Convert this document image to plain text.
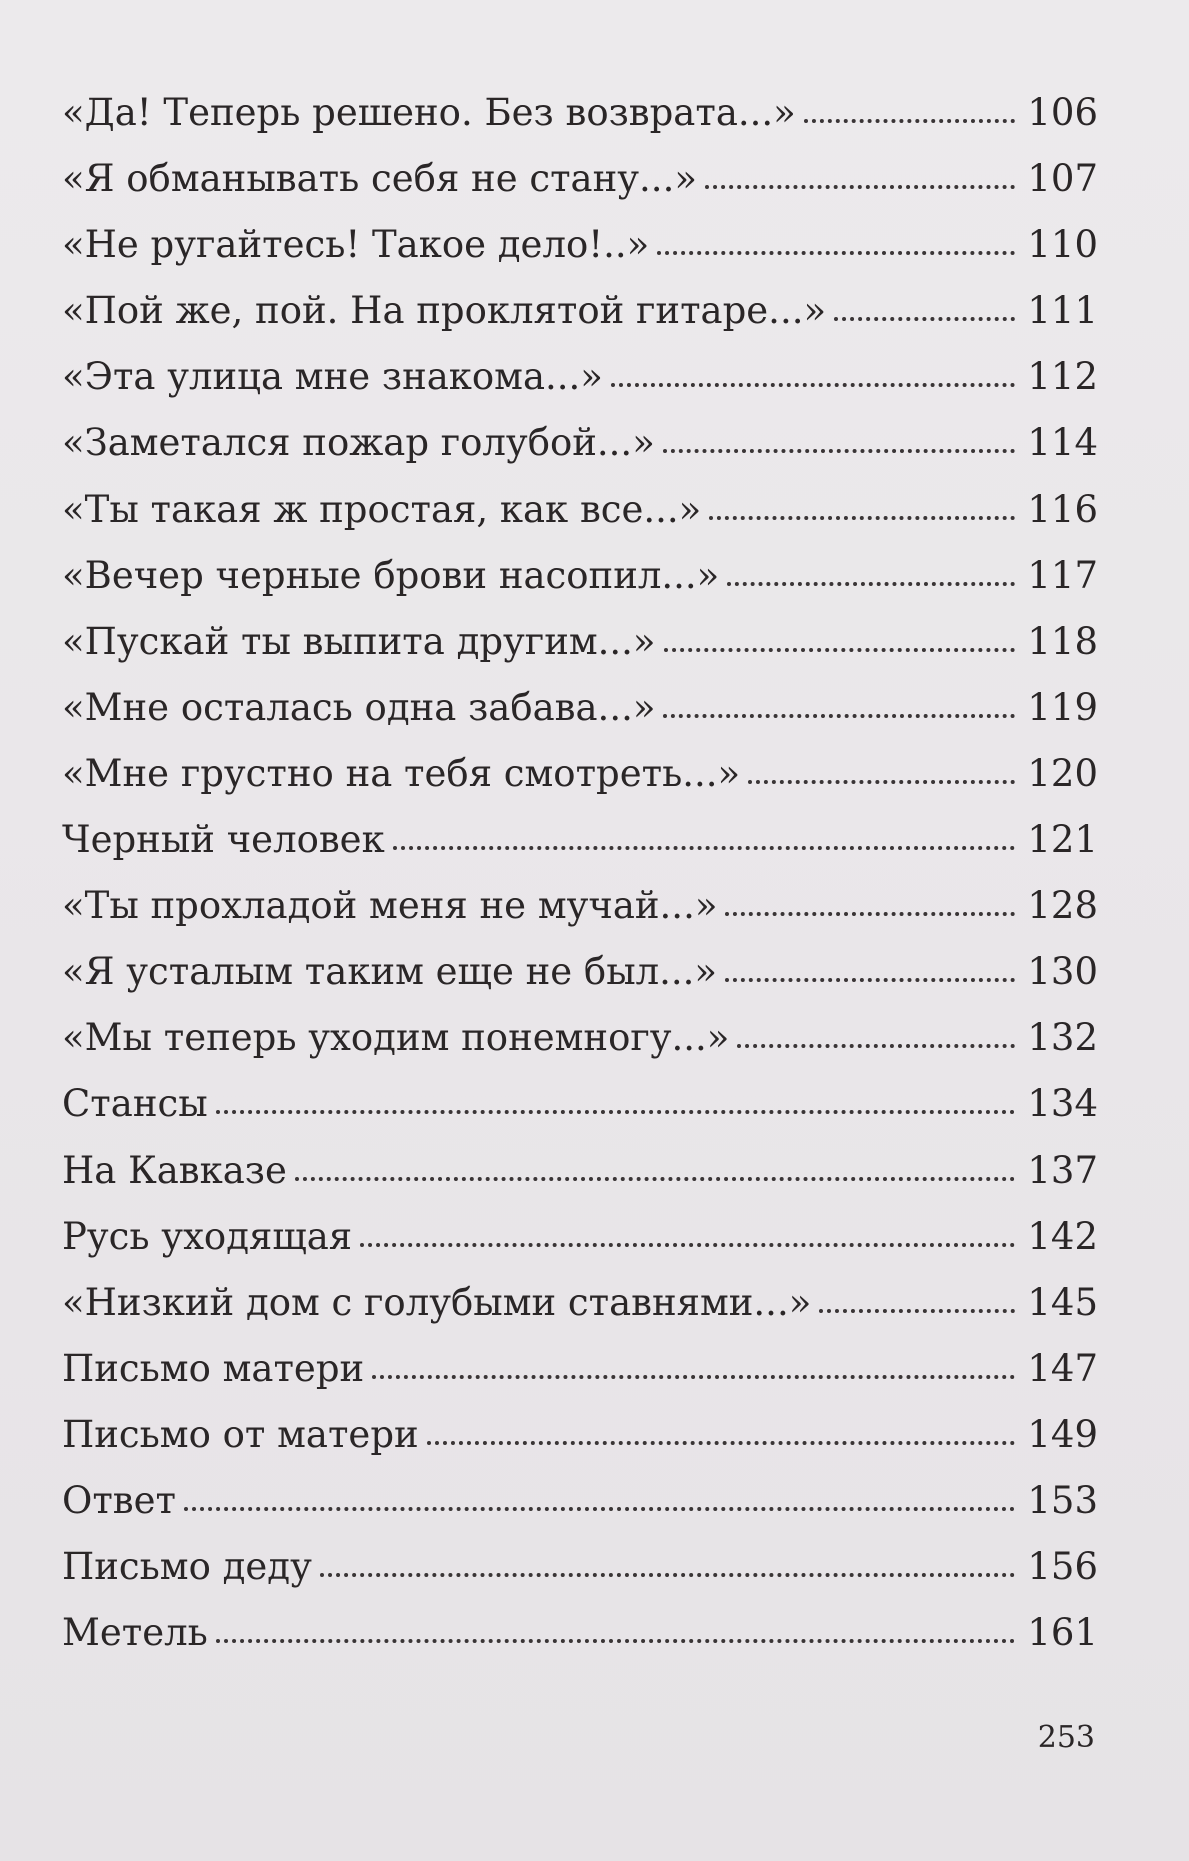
«Да! Теперь решено. Без возврата...»	106
«Я обманывать себя не стану...»	107
«Не ругайтесь! Такое дело!..»	110
«Пой же, пой. На проклятой гитаре...»	111
«Эта улица мне знакома...»	112
«Заметался пожар голубой...»	114
«Ты такая ж простая, как все...»	116
«Вечер черные брови насопил...»	117
«Пускай ты выпита другим...»	118
«Мне осталась одна забава...»	119
«Мне грустно на тебя смотреть...»	120
Черный человек	121
«Ты прохладой меня не мучай...»	128
«Я усталым таким еще не был...»	130
«Мы теперь уходим понемногу...»	132
Стансы	134
На Кавказе	137
Русь уходящая	142
«Низкий дом с голубыми ставнями...»	145
Письмо матери	147
Письмо от матери	149
Ответ	153
Письмо деду	156
Метель	161
253
